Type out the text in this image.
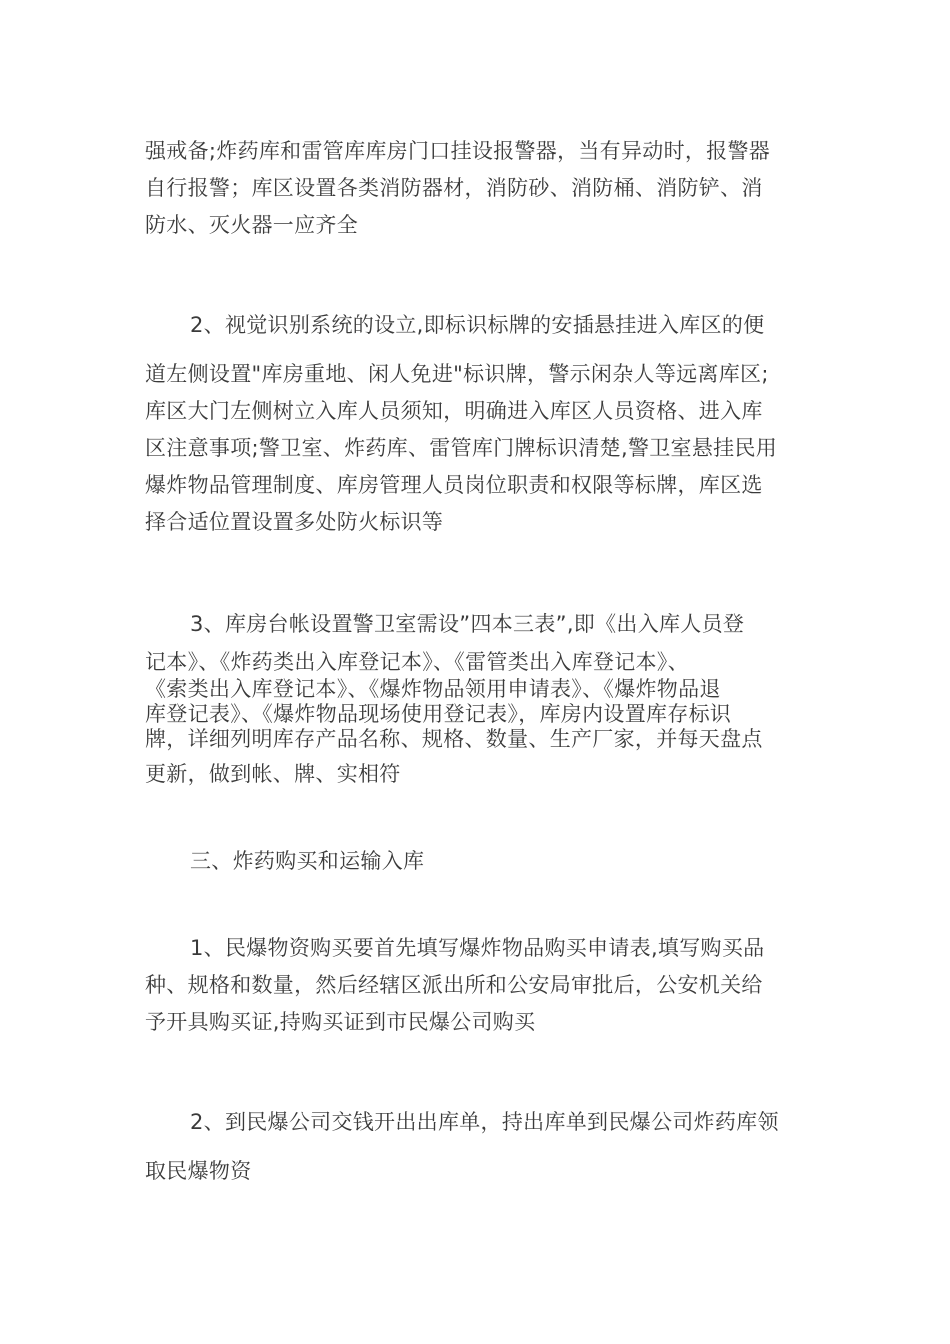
强戒备;炸药库和雷管库库房门口挂设报警器，当有异动时，报警器
自行报警；库区设置各类消防器材，消防砂、消防桶、消防铲、消
防水、灭火器一应齐全
2、视觉识别系统的设立,即标识标牌的安插悬挂进入库区的便
道左侧设置"库房重地、闲人免进"标识牌，警示闲杂人等远离库区;
库区大门左侧树立入库人员须知，明确进入库区人员资格、进入库
区注意事项;警卫室、炸药库、雷管库门牌标识清楚,警卫室悬挂民用
爆炸物品管理制度、库房管理人员岗位职责和权限等标牌，库区选
择合适位置设置多处防火标识等
3、库房台帐设置警卫室需设”四本三表”,即《出入库人员登
记本》、《炸药类出入库登记本》、《雷管类出入库登记本》、
《索类出入库登记本》、《爆炸物品领用申请表》、《爆炸物品退
库登记表》、《爆炸物品现场使用登记表》，库房内设置库存标识
牌，详细列明库存产品名称、规格、数量、生产厂家，并每天盘点
更新，做到帐、牌、实相符
三、炸药购买和运输入库
1、民爆物资购买要首先填写爆炸物品购买申请表,填写购买品
种、规格和数量，然后经辖区派出所和公安局审批后，公安机关给
予开具购买证,持购买证到市民爆公司购买
2、到民爆公司交钱开出出库单，持出库单到民爆公司炸药库领
取民爆物资
